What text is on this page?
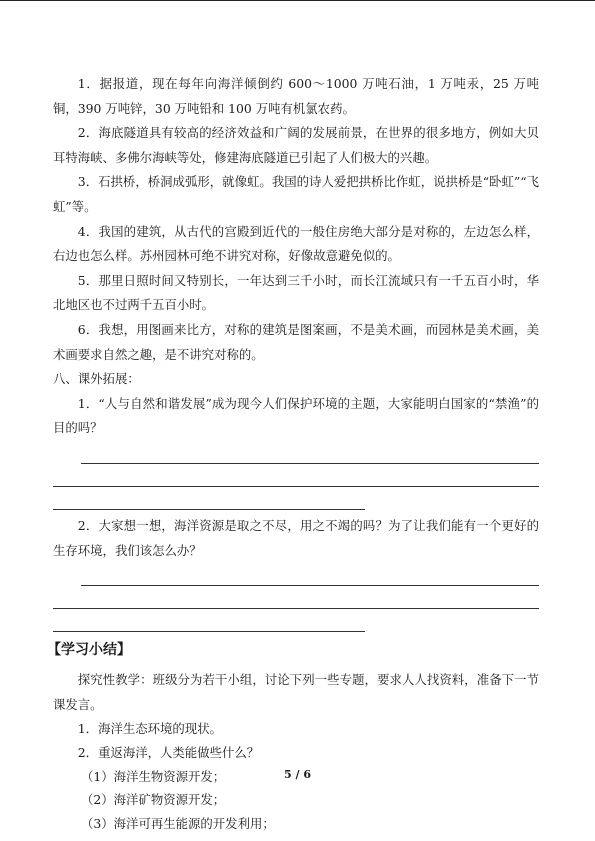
1．据报道，现在每年向海洋倾倒约 600～1000 万吨石油，1 万吨汞，25 万吨铜，390 万吨锌，30 万吨铅和 100 万吨有机氯农药。

2．海底隧道具有较高的经济效益和广阔的发展前景，在世界的很多地方，例如大贝耳特海峡、多佛尔海峡等处，修建海底隧道已引起了人们极大的兴趣。

3．石拱桥，桥洞成弧形，就像虹。我国的诗人爱把拱桥比作虹，说拱桥是“卧虹”“飞虹”等。

4．我国的建筑，从古代的宫殿到近代的一般住房绝大部分是对称的，左边怎么样，右边也怎么样。苏州园林可绝不讲究对称，好像故意避免似的。

5．那里日照时间又特别长，一年达到三千小时，而长江流域只有一千五百小时，华北地区也不过两千五百小时。

6．我想，用图画来比方，对称的建筑是图案画，不是美术画，而园林是美术画，美术画要求自然之趣，是不讲究对称的。

八、课外拓展：

1．“人与自然和谐发展”成为现今人们保护环境的主题，大家能明白国家的“禁渔”的目的吗？

2．大家想一想，海洋资源是取之不尽，用之不竭的吗？为了让我们能有一个更好的生存环境，我们该怎么办？

【学习小结】

探究性教学：班级分为若干小组，讨论下列一些专题，要求人人找资料，准备下一节课发言。

1．海洋生态环境的现状。

2．重返海洋，人类能做些什么？

（1）海洋生物资源开发；

（2）海洋矿物资源开发；

（3）海洋可再生能源的开发利用；

5 / 6
